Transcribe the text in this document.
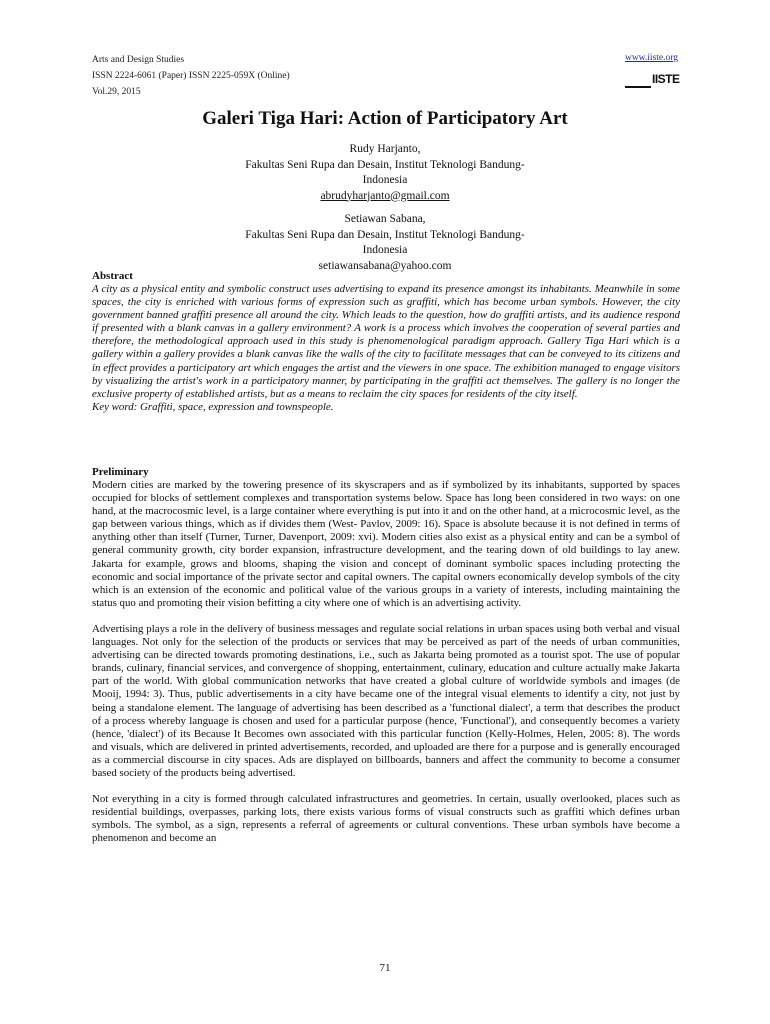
Arts and Design Studies
ISSN 2224-6061 (Paper) ISSN 2225-059X (Online)
Vol.29, 2015
www.iiste.org
IISTE
Galeri Tiga Hari: Action of Participatory Art
Rudy Harjanto,
Fakultas Seni Rupa dan Desain, Institut Teknologi Bandung-
Indonesia
abrudyharjanto@gmail.com
Setiawan Sabana,
Fakultas Seni Rupa dan Desain, Institut Teknologi Bandung-
Indonesia
setiawansabana@yahoo.com
Abstract

A city as a physical entity and symbolic construct uses advertising to expand its presence amongst its inhabitants. Meanwhile in some spaces, the city is enriched with various forms of expression such as graffiti, which has become urban symbols. However, the city government banned graffiti presence all around the city. Which leads to the question, how do graffiti artists, and its audience respond if presented with a blank canvas in a gallery environment? A work is a process which involves the cooperation of several parties and therefore, the methodological approach used in this study is phenomenological paradigm approach. Gallery Tiga Hari which is a gallery within a gallery provides a blank canvas like the walls of the city to facilitate messages that can be conveyed to its citizens and in effect provides a participatory art which engages the artist and the viewers in one space. The exhibition managed to engage visitors by visualizing the artist's work in a participatory manner, by participating in the graffiti act themselves. The gallery is no longer the exclusive property of established artists, but as a means to reclaim the city spaces for residents of the city itself.

Key word: Graffiti, space, expression and townspeople.

Preliminary

Modern cities are marked by the towering presence of its skyscrapers and as if symbolized by its inhabitants, supported by spaces occupied for blocks of settlement complexes and transportation systems below. Space has long been considered in two ways: on one hand, at the macrocosmic level, is a large container where everything is put into it and on the other hand, at a microcosmic level, as the gap between various things, which as if divides them (West- Pavlov, 2009: 16). Space is absolute because it is not defined in terms of anything other than itself (Turner, Turner, Davenport, 2009: xvi). Modern cities also exist as a physical entity and can be a symbol of general community growth, city border expansion, infrastructure development, and the tearing down of old buildings to lay anew. Jakarta for example, grows and blooms, shaping the vision and concept of dominant symbolic spaces including protecting the economic and social importance of the private sector and capital owners. The capital owners economically develop symbols of the city which is an extension of the economic and political value of the various groups in a variety of interests, including maintaining the status quo and promoting their vision befitting a city where one of which is an advertising activity.

Advertising plays a role in the delivery of business messages and regulate social relations in urban spaces using both verbal and visual languages. Not only for the selection of the products or services that may be perceived as part of the needs of urban communities, advertising can be directed towards promoting destinations, i.e., such as Jakarta being promoted as a tourist spot. The use of popular brands, culinary, financial services, and convergence of shopping, entertainment, culinary, education and culture actually make Jakarta part of the world. With global communication networks that have created a global culture of worldwide symbols and images (de Mooij, 1994: 3). Thus, public advertisements in a city have became one of the integral visual elements to identify a city, not just by being a standalone element. The language of advertising has been described as a 'functional dialect', a term that describes the product of a process whereby language is chosen and used for a particular purpose (hence, 'Functional'), and consequently becomes a variety (hence, 'dialect') of its Because It Becomes own associated with this particular function (Kelly-Holmes, Helen, 2005: 8). The words and visuals, which are delivered in printed advertisements, recorded, and uploaded are there for a purpose and is generally encouraged as a commercial discourse in city spaces. Ads are displayed on billboards, banners and affect the community to become a consumer based society of the products being advertised.

Not everything in a city is formed through calculated infrastructures and geometries. In certain, usually overlooked, places such as residential buildings, overpasses, parking lots, there exists various forms of visual constructs such as graffiti which defines urban symbols. The symbol, as a sign, represents a referral of agreements or cultural conventions. These urban symbols have become a phenomenon and become an

71
